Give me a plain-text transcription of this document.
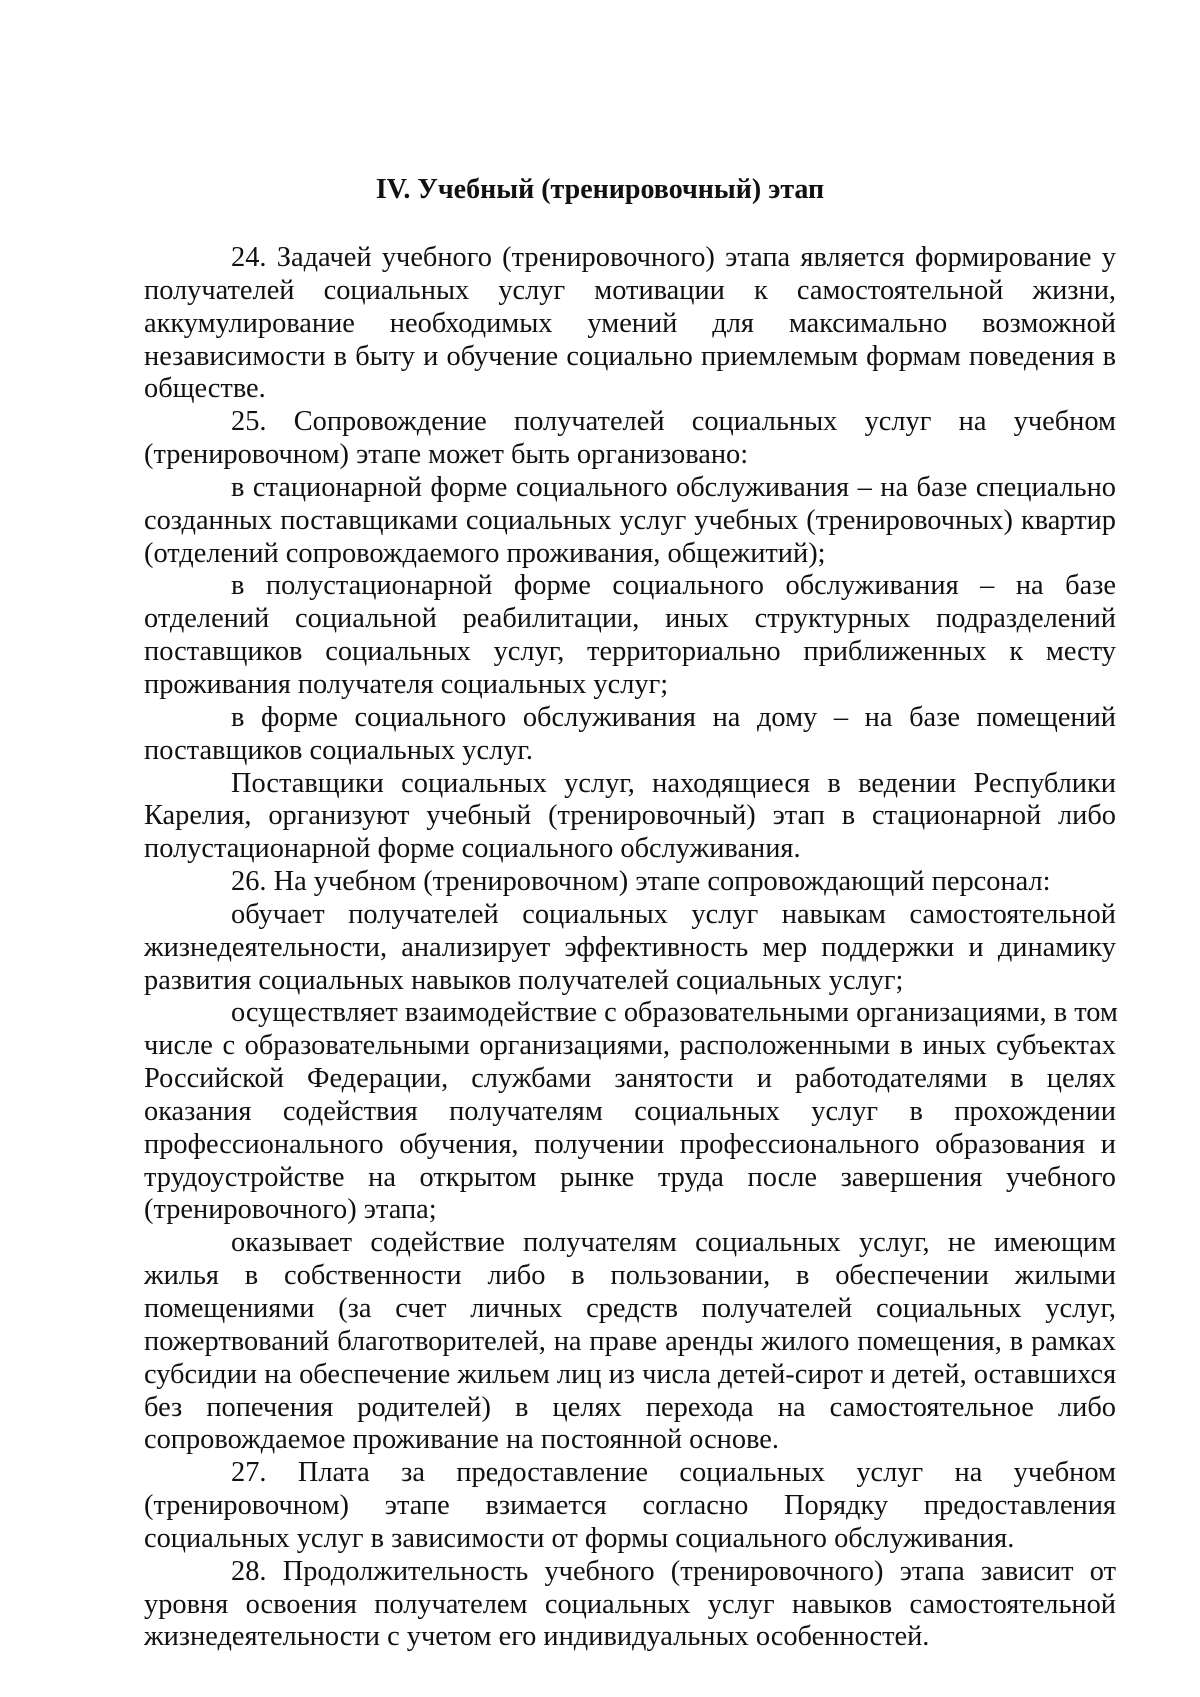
IV. Учебный (тренировочный) этап

24. Задачей учебного (тренировочного) этапа является формирование у
получателей социальных услуг мотивации к самостоятельной жизни,
аккумулирование необходимых умений для максимально возможной
независимости в быту и обучение социально приемлемым формам поведения в
обществе.

25. Сопровождение получателей социальных услуг на учебном
(тренировочном) этапе может быть организовано:

в стационарной форме социального обслуживания – на базе специально
созданных поставщиками социальных услуг учебных (тренировочных) квартир
(отделений сопровождаемого проживания, общежитий);

в полустационарной форме социального обслуживания – на базе
отделений социальной реабилитации, иных структурных подразделений
поставщиков социальных услуг, территориально приближенных к месту
проживания получателя социальных услуг;

в форме социального обслуживания на дому – на базе помещений
поставщиков социальных услуг.

Поставщики социальных услуг, находящиеся в ведении Республики
Карелия, организуют учебный (тренировочный) этап в стационарной либо
полустационарной форме социального обслуживания.

26. На учебном (тренировочном) этапе сопровождающий персонал:

обучает получателей социальных услуг навыкам самостоятельной
жизнедеятельности, анализирует эффективность мер поддержки и динамику
развития социальных навыков получателей социальных услуг;

осуществляет взаимодействие с образовательными организациями, в том
числе с образовательными организациями, расположенными в иных субъектах
Российской Федерации, службами занятости и работодателями в целях
оказания содействия получателям социальных услуг в прохождении
профессионального обучения, получении профессионального образования и
трудоустройстве на открытом рынке труда после завершения учебного
(тренировочного) этапа;

оказывает содействие получателям социальных услуг, не имеющим
жилья в собственности либо в пользовании, в обеспечении жилыми
помещениями (за счет личных средств получателей социальных услуг,
пожертвований благотворителей, на праве аренды жилого помещения, в рамках
субсидии на обеспечение жильем лиц из числа детей-сирот и детей, оставшихся
без попечения родителей) в целях перехода на самостоятельное либо
сопровождаемое проживание на постоянной основе.

27. Плата за предоставление социальных услуг на учебном
(тренировочном) этапе взимается согласно Порядку предоставления
социальных услуг в зависимости от формы социального обслуживания.

28. Продолжительность учебного (тренировочного) этапа зависит от
уровня освоения получателем социальных услуг навыков самостоятельной
жизнедеятельности с учетом его индивидуальных особенностей.
